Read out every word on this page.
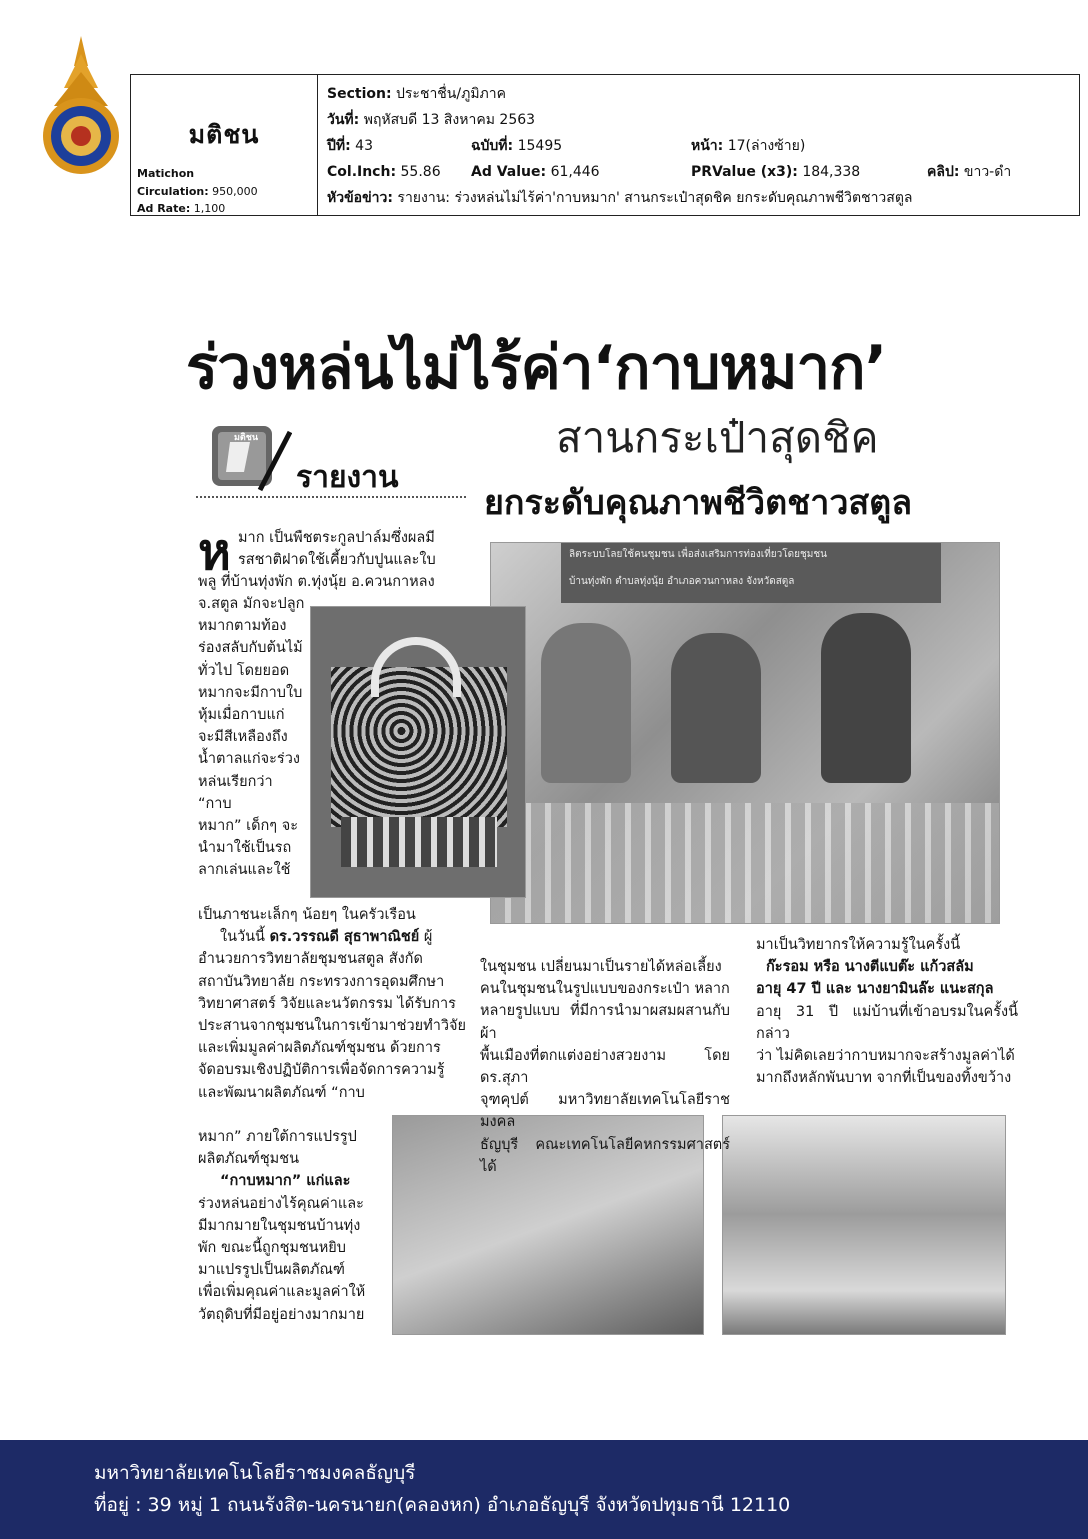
มติชน
Matichon
Circulation: 950,000
Ad Rate: 1,100
Section: ประชาชื่น/ภูมิภาค
วันที่: พฤหัสบดี 13 สิงหาคม 2563
ปีที่: 43	ฉบับที่: 15495	หน้า: 17(ล่างซ้าย)
Col.Inch: 55.86 Ad Value: 61,446	PRValue (x3): 184,338	คลิป: ขาว-ดำ
หัวข้อข่าว: รายงาน: ร่วงหล่นไม่ไร้ค่า'กาบหมาก' สานกระเป๋าสุดชิค ยกระดับคุณภาพชีวิตชาวสตูล
ร่วงหล่นไม่ไร้ค่า‘กาบหมาก’
สานกระเป๋าสุดชิค
ยกระดับคุณภาพชีวิตชาวสตูล
มติชน
รายงาน
ลิตระบบโลยใช้คนชุมชน เพื่อส่งเสริมการท่องเที่ยวโดยชุมชน
บ้านทุ่งพัก ตำบลทุ่งนุ้ย อำเภอควนกาหลง จังหวัดสตูล
ห มาก เป็นพืชตระกูลปาล์มซึ่งผลมี

รสชาติฝาดใช้เคี้ยวกับปูนและใบ

พลู ที่บ้านทุ่งพัก ต.ทุ่งนุ้ย อ.ควนกาหลง

จ.สตูล มักจะปลูก

หมากตามท้อง

ร่องสลับกับต้นไม้

ทั่วไป โดยยอด

หมากจะมีกาบใบ

หุ้มเมื่อกาบแก่

จะมีสีเหลืองถึง

น้ำตาลแก่จะร่วง

หล่นเรียกว่า “กาบ

หมาก” เด็กๆ จะ

นำมาใช้เป็นรถ

ลากเล่นและใช้

เป็นภาชนะเล็กๆ น้อยๆ ในครัวเรือน

ในวันนี้ ดร.วรรณดี สุธาพาณิชย์ ผู้

อำนวยการวิทยาลัยชุมชนสตูล สังกัด

สถาบันวิทยาลัย กระทรวงการอุดมศึกษา

วิทยาศาสตร์ วิจัยและนวัตกรรม ได้รับการ

ประสานจากชุมชนในการเข้ามาช่วยทำวิจัย

และเพิ่มมูลค่าผลิตภัณฑ์ชุมชน ด้วยการ

จัดอบรมเชิงปฏิบัติการเพื่อจัดการความรู้

และพัฒนาผลิตภัณฑ์ “กาบ

หมาก” ภายใต้การแปรรูป

ผลิตภัณฑ์ชุมชน

“กาบหมาก” แก่และ

ร่วงหล่นอย่างไร้คุณค่าและ

มีมากมายในชุมชนบ้านทุ่ง

พัก ขณะนี้ถูกชุมชนหยิบ

มาแปรรูปเป็นผลิตภัณฑ์

เพื่อเพิ่มคุณค่าและมูลค่าให้

วัตถุดิบที่มีอยู่อย่างมากมาย

ในชุมชน เปลี่ยนมาเป็นรายได้หล่อเลี้ยง

คนในชุมชนในรูปแบบของกระเป๋า หลาก

หลายรูปแบบ ที่มีการนำมาผสมผสานกับผ้า

พื้นเมืองที่ตกแต่งอย่างสวยงาม โดย ดร.สุภา

จุฑคุปต์ มหาวิทยาลัยเทคโนโลยีราชมงคล

ธัญบุรี คณะเทคโนโลยีคหกรรมศาสตร์ ได้

มาเป็นวิทยากรให้ความรู้ในครั้งนี้

ก๊ะรอม หรือ นางตีแบต๊ะ แก้วสลัม

อายุ 47 ปี และ นางยามินล๊ะ แนะสกุล

อายุ 31 ปี แม่บ้านที่เข้าอบรมในครั้งนี้ กล่าว

ว่า ไม่คิดเลยว่ากาบหมากจะสร้างมูลค่าได้

มากถึงหลักพันบาท จากที่เป็นของทิ้งขว้าง

มหาวิทยาลัยเทคโนโลยีราชมงคลธัญบุรี
ที่อยู่ : 39 หมู่ 1 ถนนรังสิต-นครนายก(คลองหก) อำเภอธัญบุรี จังหวัดปทุมธานี 12110
